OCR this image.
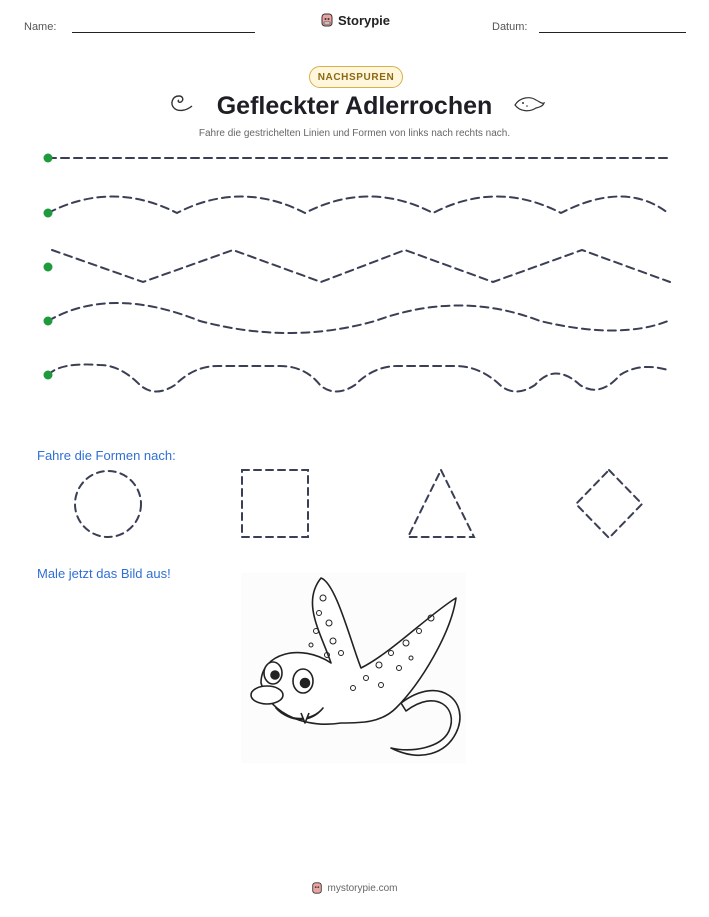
Name:	Storypie	Datum:
NACHSPUREN
Gefleckter Adlerrochen
Fahre die gestrichelten Linien und Formen von links nach rechts nach.
Fahre die Formen nach:
Male jetzt das Bild aus!
mystorypie.com
